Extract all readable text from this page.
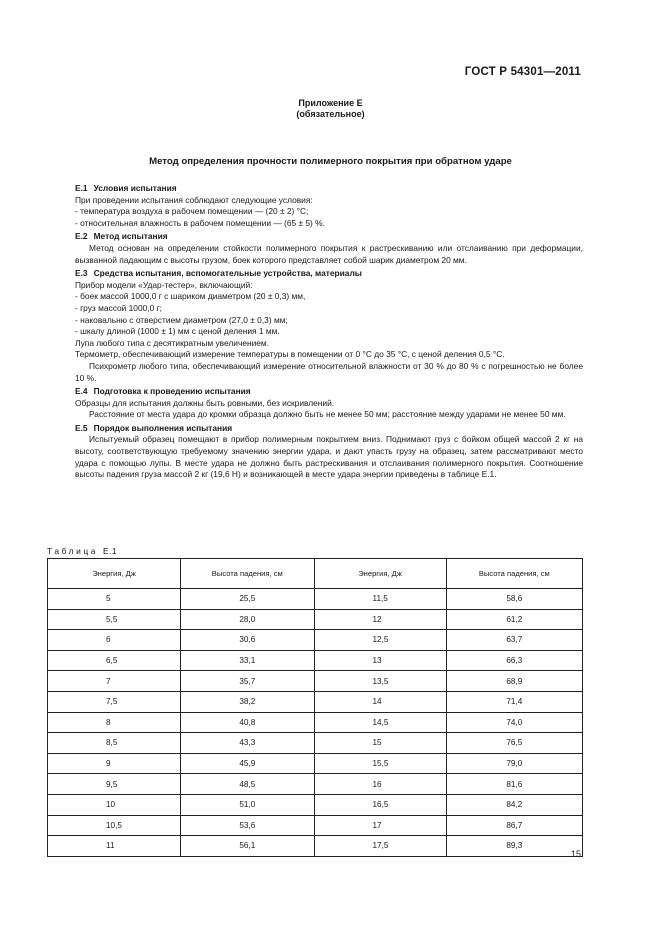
ГОСТ Р 54301—2011
Приложение Е
(обязательное)
Метод определения прочности полимерного покрытия при обратном ударе

Е.1 Условия испытания

При проведении испытания соблюдают следующие условия:

- температура воздуха в рабочем помещении — (20 ± 2) °С;

- относительная влажность в рабочем помещении — (65 ± 5) %.

Е.2 Метод испытания

Метод основан на определении стойкости полимерного покрытия к растрескиванию или отслаиванию при деформации, вызванной падающим с высоты грузом, боек которого представляет собой шарик диаметром 20 мм.

Е.3 Средства испытания, вспомогательные устройства, материалы

Прибор модели «Удар-тестер», включающий:

- боек массой 1000,0 г с шариком диаметром (20 ± 0,3) мм,

- груз массой 1000,0 г;

- наковальню с отверстием диаметром (27,0 ± 0,3) мм;

- шкалу длиной (1000 ± 1) мм с ценой деления 1 мм.

Лупа любого типа с десятикратным увеличением.

Термометр, обеспечивающий измерение температуры в помещении от 0 °С до 35 °С, с ценой деления 0,5 °С.

Психрометр любого типа, обеспечивающий измерение относительной влажности от 30 % до 80 % с погрешностью не более 10 %.

Е.4 Подготовка к проведению испытания

Образцы для испытания должны быть ровными, без искривлений.

Расстояние от места удара до кромки образца должно быть не менее 50 мм; расстояние между ударами не менее 50 мм.

Е.5 Порядок выполнения испытания

Испытуемый образец помещают в прибор полимерным покрытием вниз. Поднимают груз с бойком общей массой 2 кг на высоту, соответствующую требуемому значению энергии удара, и дают упасть грузу на образец, затем рассматривают место удара с помощью лупы. В месте удара не должно быть растрескивания и отслаивания полимерного покрытия. Соотношение высоты падения груза массой 2 кг (19,6 Н) и возникающей в месте удара энергии приведены в таблице Е.1.

Таблица Е.1
Энергия, Дж	Высота падения, см	Энергия, Дж	Высота падения, см
5	25,5	11,5	58,6
5,5	28,0	12	61,2
6	30,6	12,5	63,7
6,5	33,1	13	66,3
7	35,7	13,5	68,9
7,5	38,2	14	71,4
8	40,8	14,5	74,0
8,5	43,3	15	76,5
9	45,9	15,5	79,0
9,5	48,5	16	81,6
10	51,0	16,5	84,2
10,5	53,6	17	86,7
11	56,1	17,5	89,3
15
